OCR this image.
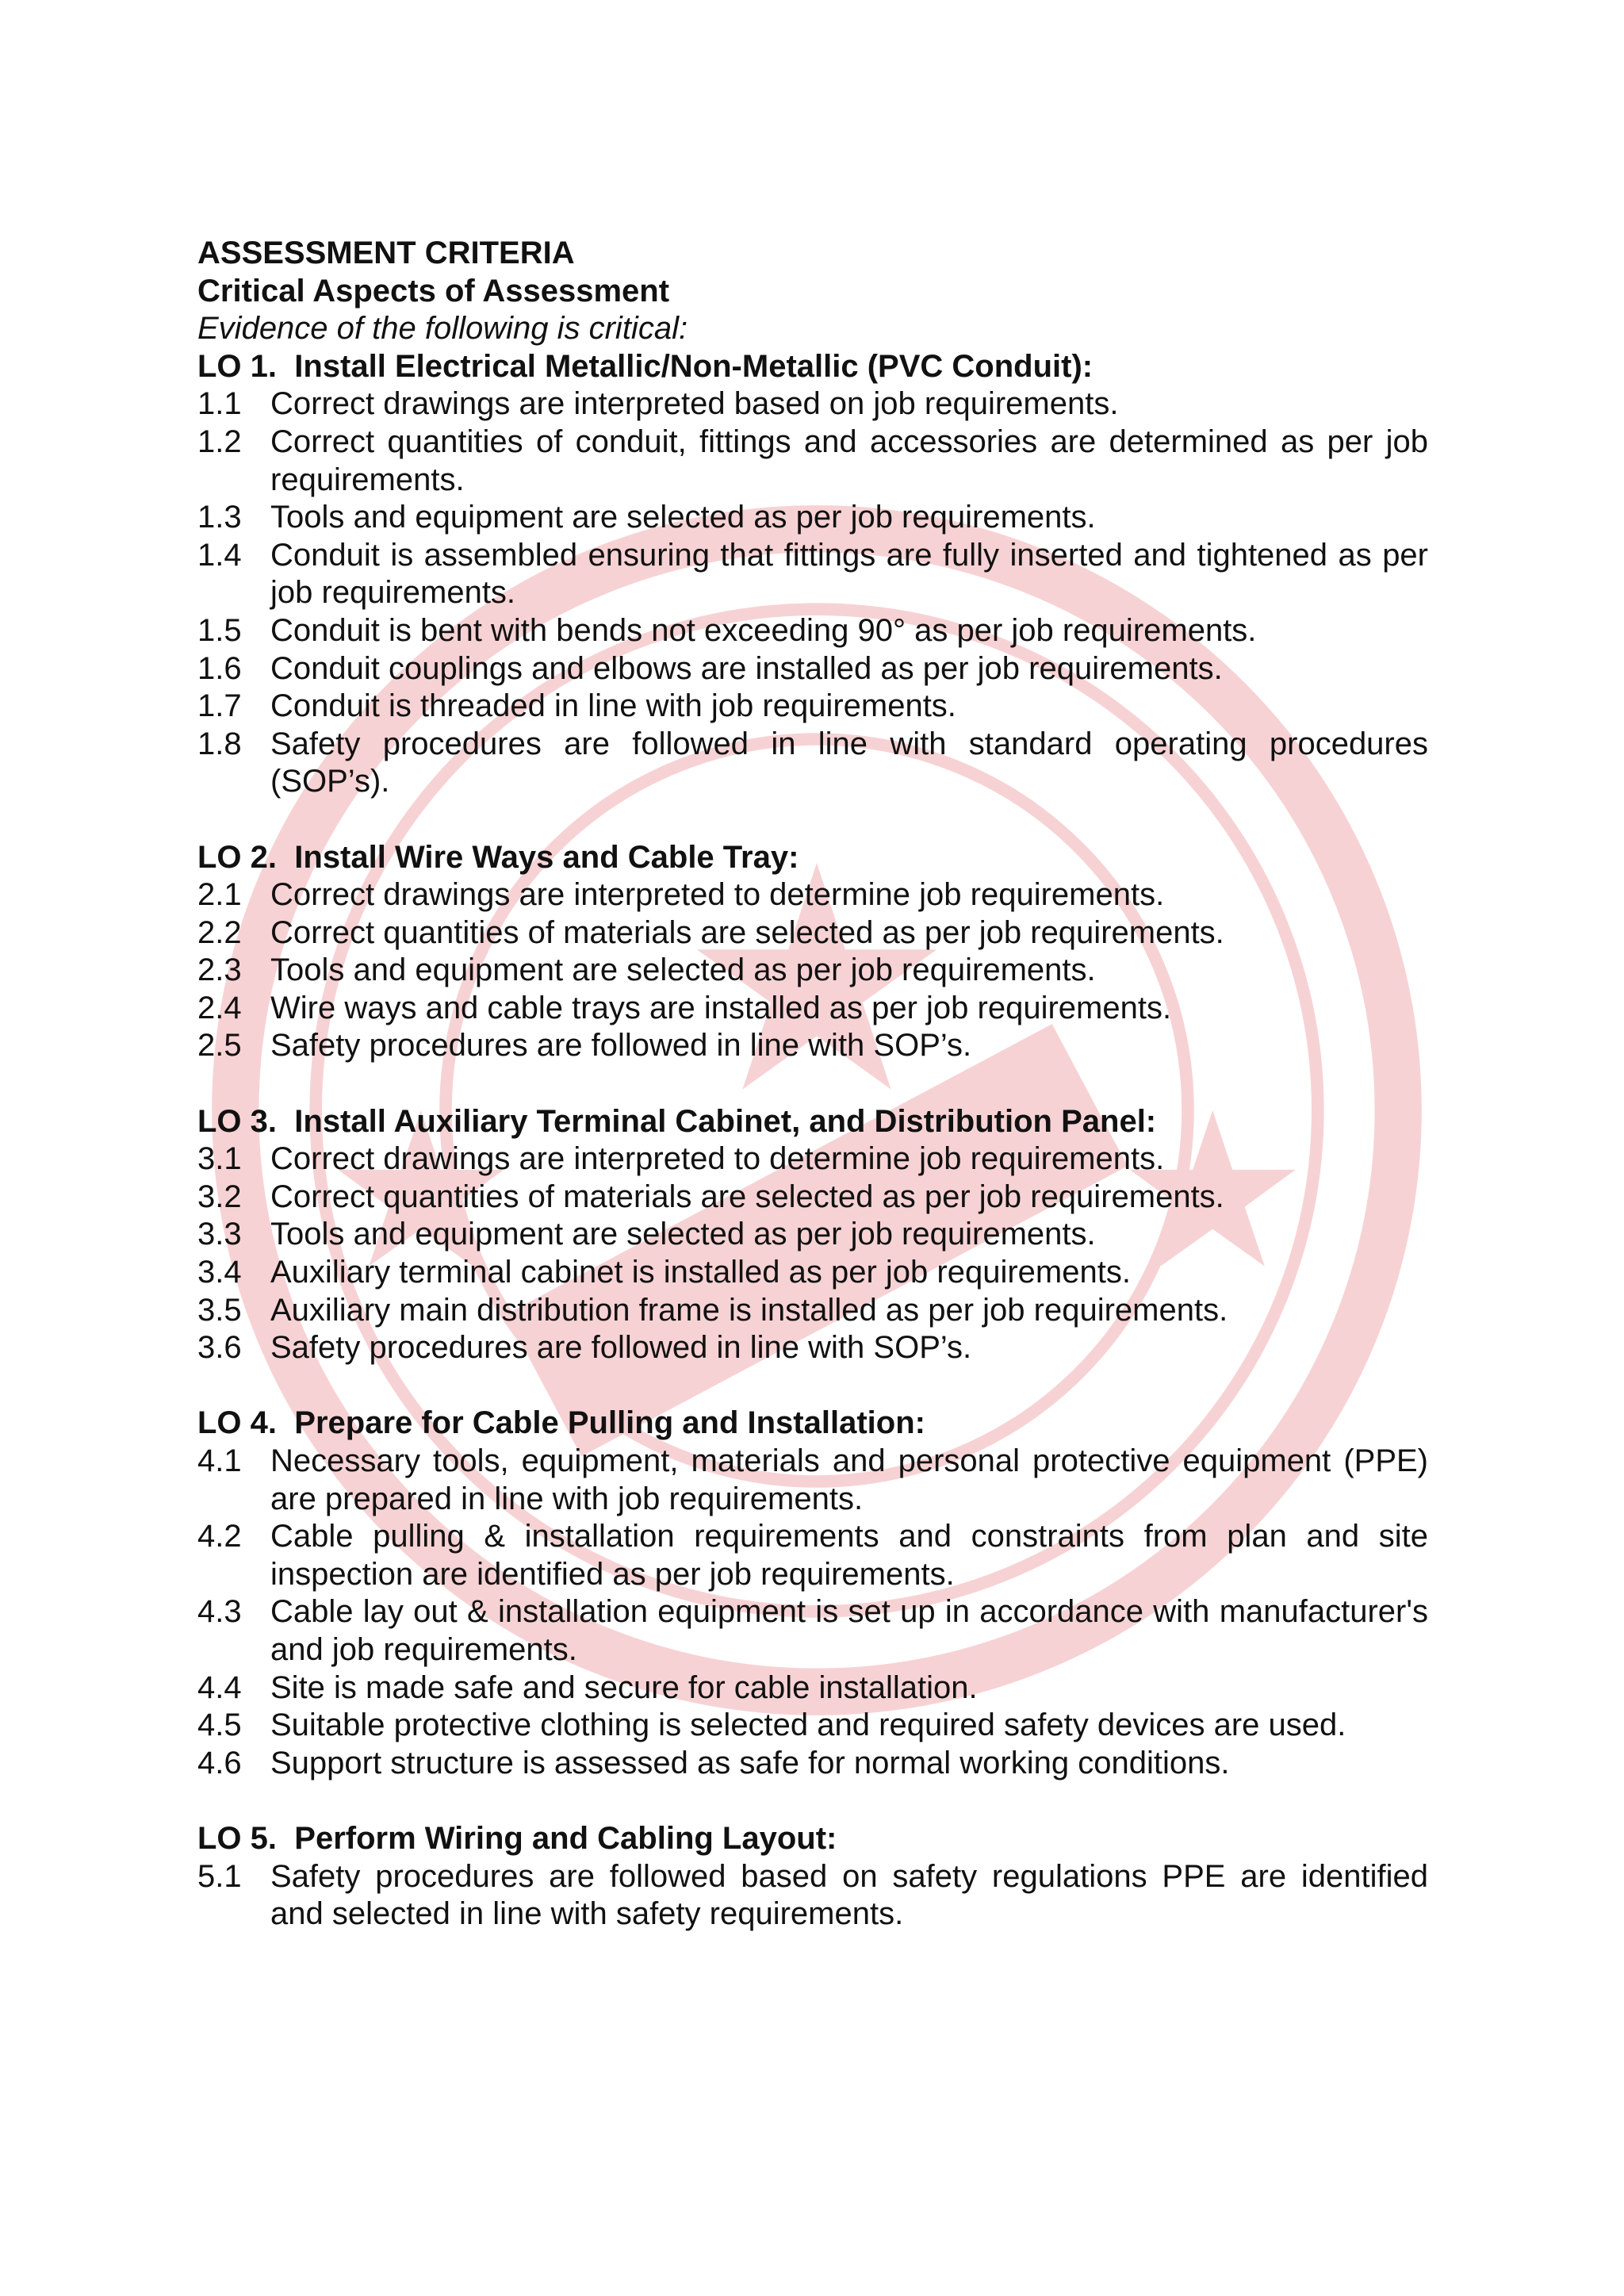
ASSESSMENT CRITERIA

Critical Aspects of Assessment

Evidence of the following is critical:

LO 1.
Install Electrical Metallic/Non-Metallic (PVC Conduit):
1.1 Correct drawings are interpreted based on job requirements.
1.2 Correct quantities of conduit, fittings and accessories are determined as per job requirements.
1.3 Tools and equipment are selected as per job requirements.
1.4 Conduit is assembled ensuring that fittings are fully inserted and tightened as per job requirements.
1.5 Conduit is bent with bends not exceeding 90° as per job requirements.
1.6 Conduit couplings and elbows are installed as per job requirements.
1.7 Conduit is threaded in line with job requirements.
1.8 Safety procedures are followed in line with standard operating procedures (SOP’s).
LO 2.
Install Wire Ways and Cable Tray:
2.1 Correct drawings are interpreted to determine job requirements.
2.2 Correct quantities of materials are selected as per job requirements.
2.3 Tools and equipment are selected as per job requirements.
2.4 Wire ways and cable trays are installed as per job requirements.
2.5 Safety procedures are followed in line with SOP’s.
LO 3.
Install Auxiliary Terminal Cabinet, and Distribution Panel:
3.1 Correct drawings are interpreted to determine job requirements.
3.2 Correct quantities of materials are selected as per job requirements.
3.3 Tools and equipment are selected as per job requirements.
3.4 Auxiliary terminal cabinet is installed as per job requirements.
3.5 Auxiliary main distribution frame is installed as per job requirements.
3.6 Safety procedures are followed in line with SOP’s.
LO 4.
Prepare for Cable Pulling and Installation:
4.1 Necessary tools, equipment, materials and personal protective equipment (PPE) are prepared in line with job requirements.
4.2 Cable pulling & installation requirements and constraints from plan and site inspection are identified as per job requirements.
4.3 Cable lay out & installation equipment is set up in accordance with manufacturer's and job requirements.
4.4 Site is made safe and secure for cable installation.
4.5 Suitable protective clothing is selected and required safety devices are used.
4.6 Support structure is assessed as safe for normal working conditions.
LO 5.
Perform Wiring and Cabling Layout:
5.1 Safety procedures are followed based on safety regulations PPE are identified and selected in line with safety requirements.
